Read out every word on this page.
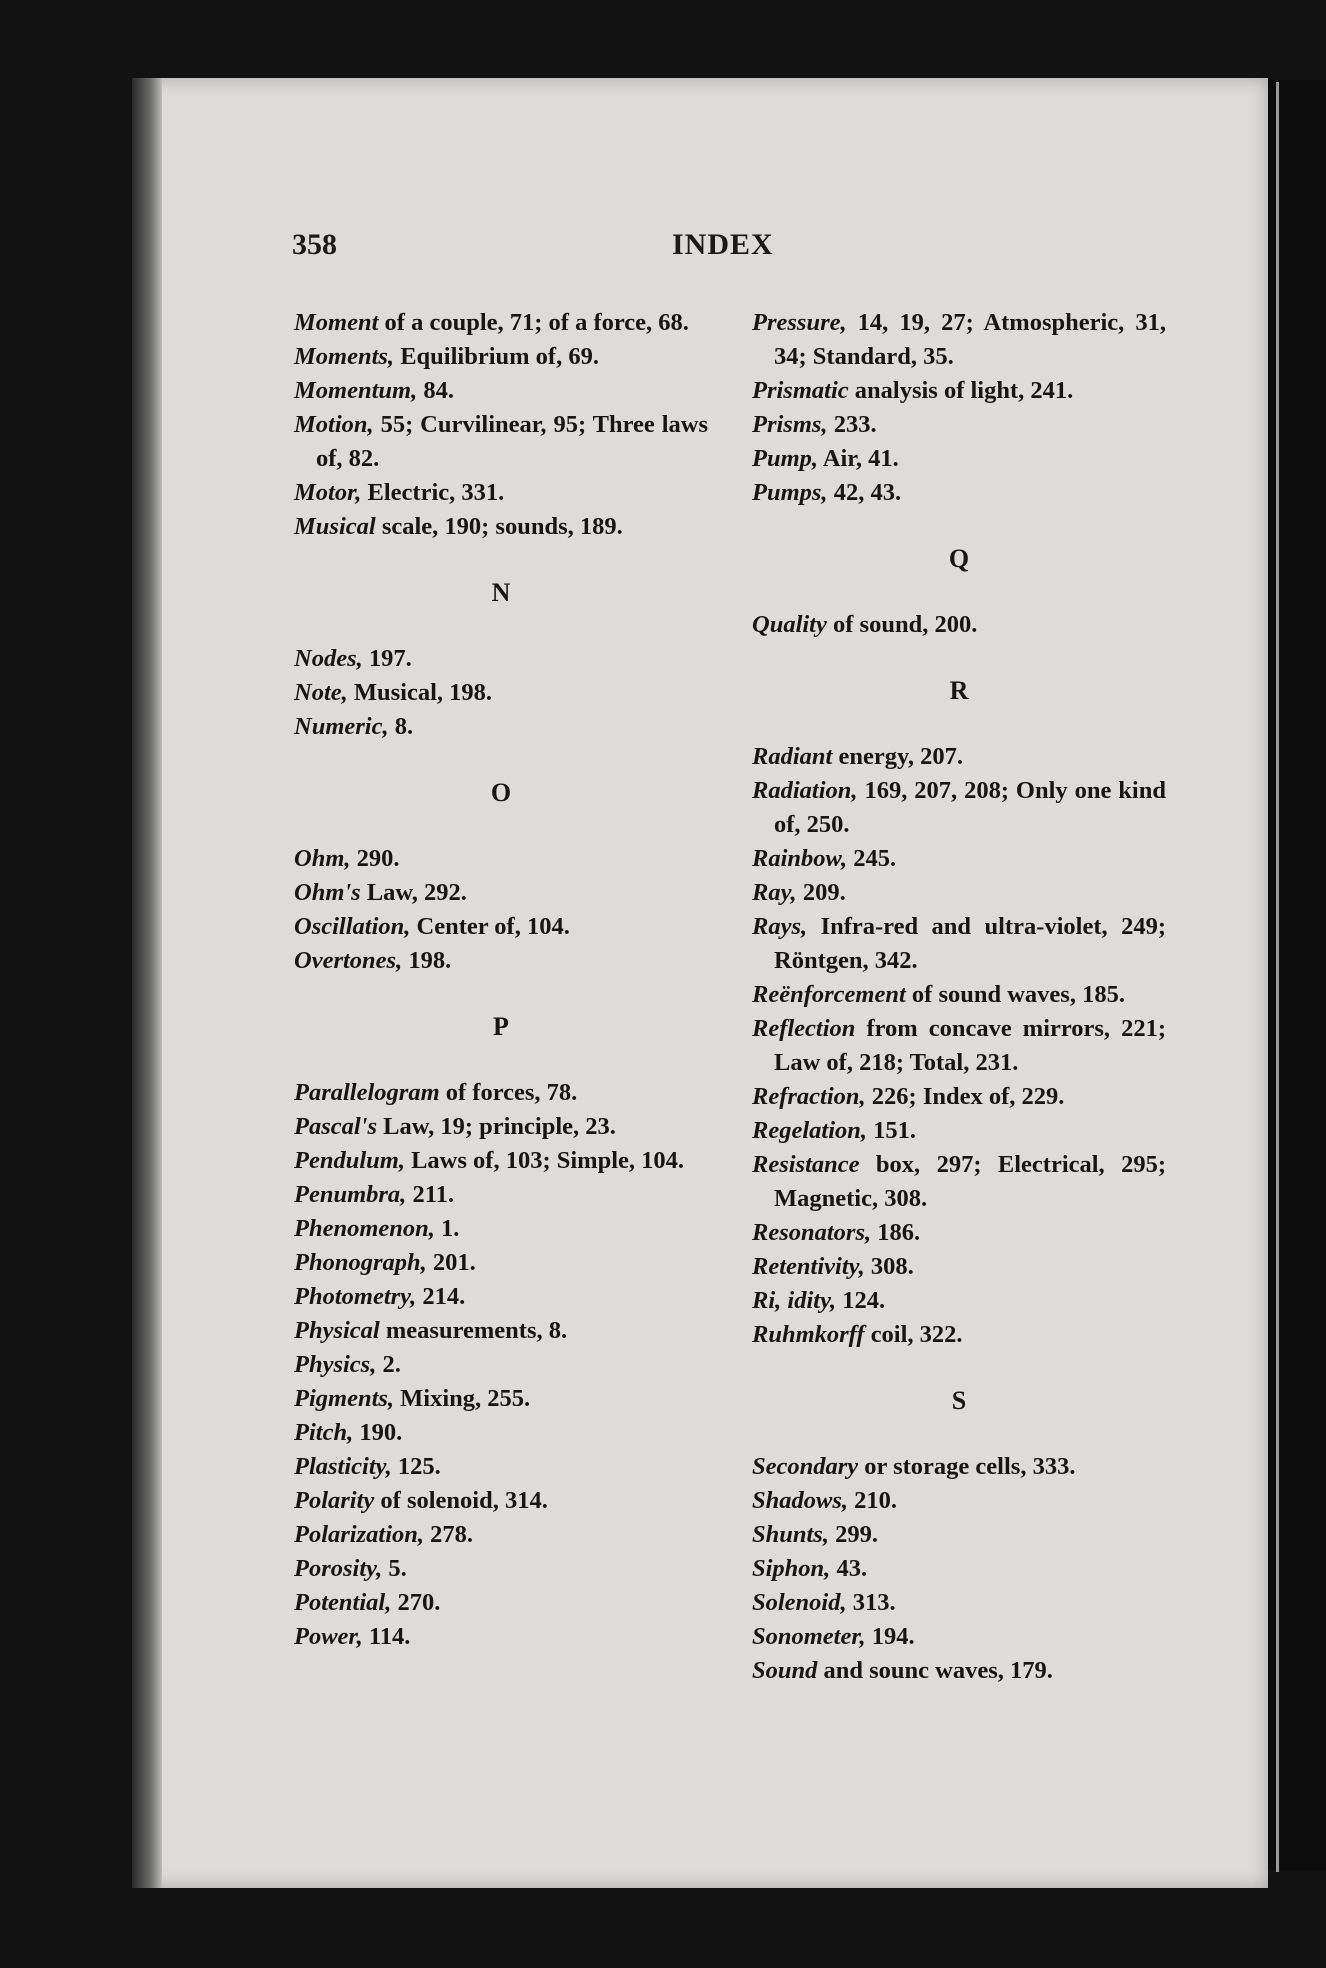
358	INDEX

Moment of a couple, 71; of a force, 68.

Moments, Equilibrium of, 69.

Momentum, 84.

Motion, 55; Curvilinear, 95; Three laws of, 82.

Motor, Electric, 331.

Musical scale, 190; sounds, 189.

N

Nodes, 197.

Note, Musical, 198.

Numeric, 8.

O

Ohm, 290.

Ohm's Law, 292.

Oscillation, Center of, 104.

Overtones, 198.

P

Parallelogram of forces, 78.

Pascal's Law, 19; principle, 23.

Pendulum, Laws of, 103; Simple, 104.

Penumbra, 211.

Phenomenon, 1.

Phonograph, 201.

Photometry, 214.

Physical measurements, 8.

Physics, 2.

Pigments, Mixing, 255.

Pitch, 190.

Plasticity, 125.

Polarity of solenoid, 314.

Polarization, 278.

Porosity, 5.

Potential, 270.

Power, 114.

Pressure, 14, 19, 27; Atmospheric, 31, 34; Standard, 35.

Prismatic analysis of light, 241.

Prisms, 233.

Pump, Air, 41.

Pumps, 42, 43.

Q

Quality of sound, 200.

R

Radiant energy, 207.

Radiation, 169, 207, 208; Only one kind of, 250.

Rainbow, 245.

Ray, 209.

Rays, Infra-red and ultra-violet, 249; Röntgen, 342.

Reënforcement of sound waves, 185.

Reflection from concave mirrors, 221; Law of, 218; Total, 231.

Refraction, 226; Index of, 229.

Regelation, 151.

Resistance box, 297; Electrical, 295; Magnetic, 308.

Resonators, 186.

Retentivity, 308.

Ri, idity, 124.

Ruhmkorff coil, 322.

S

Secondary or storage cells, 333.

Shadows, 210.

Shunts, 299.

Siphon, 43.

Solenoid, 313.

Sonometer, 194.

Sound and sounc waves, 179.
